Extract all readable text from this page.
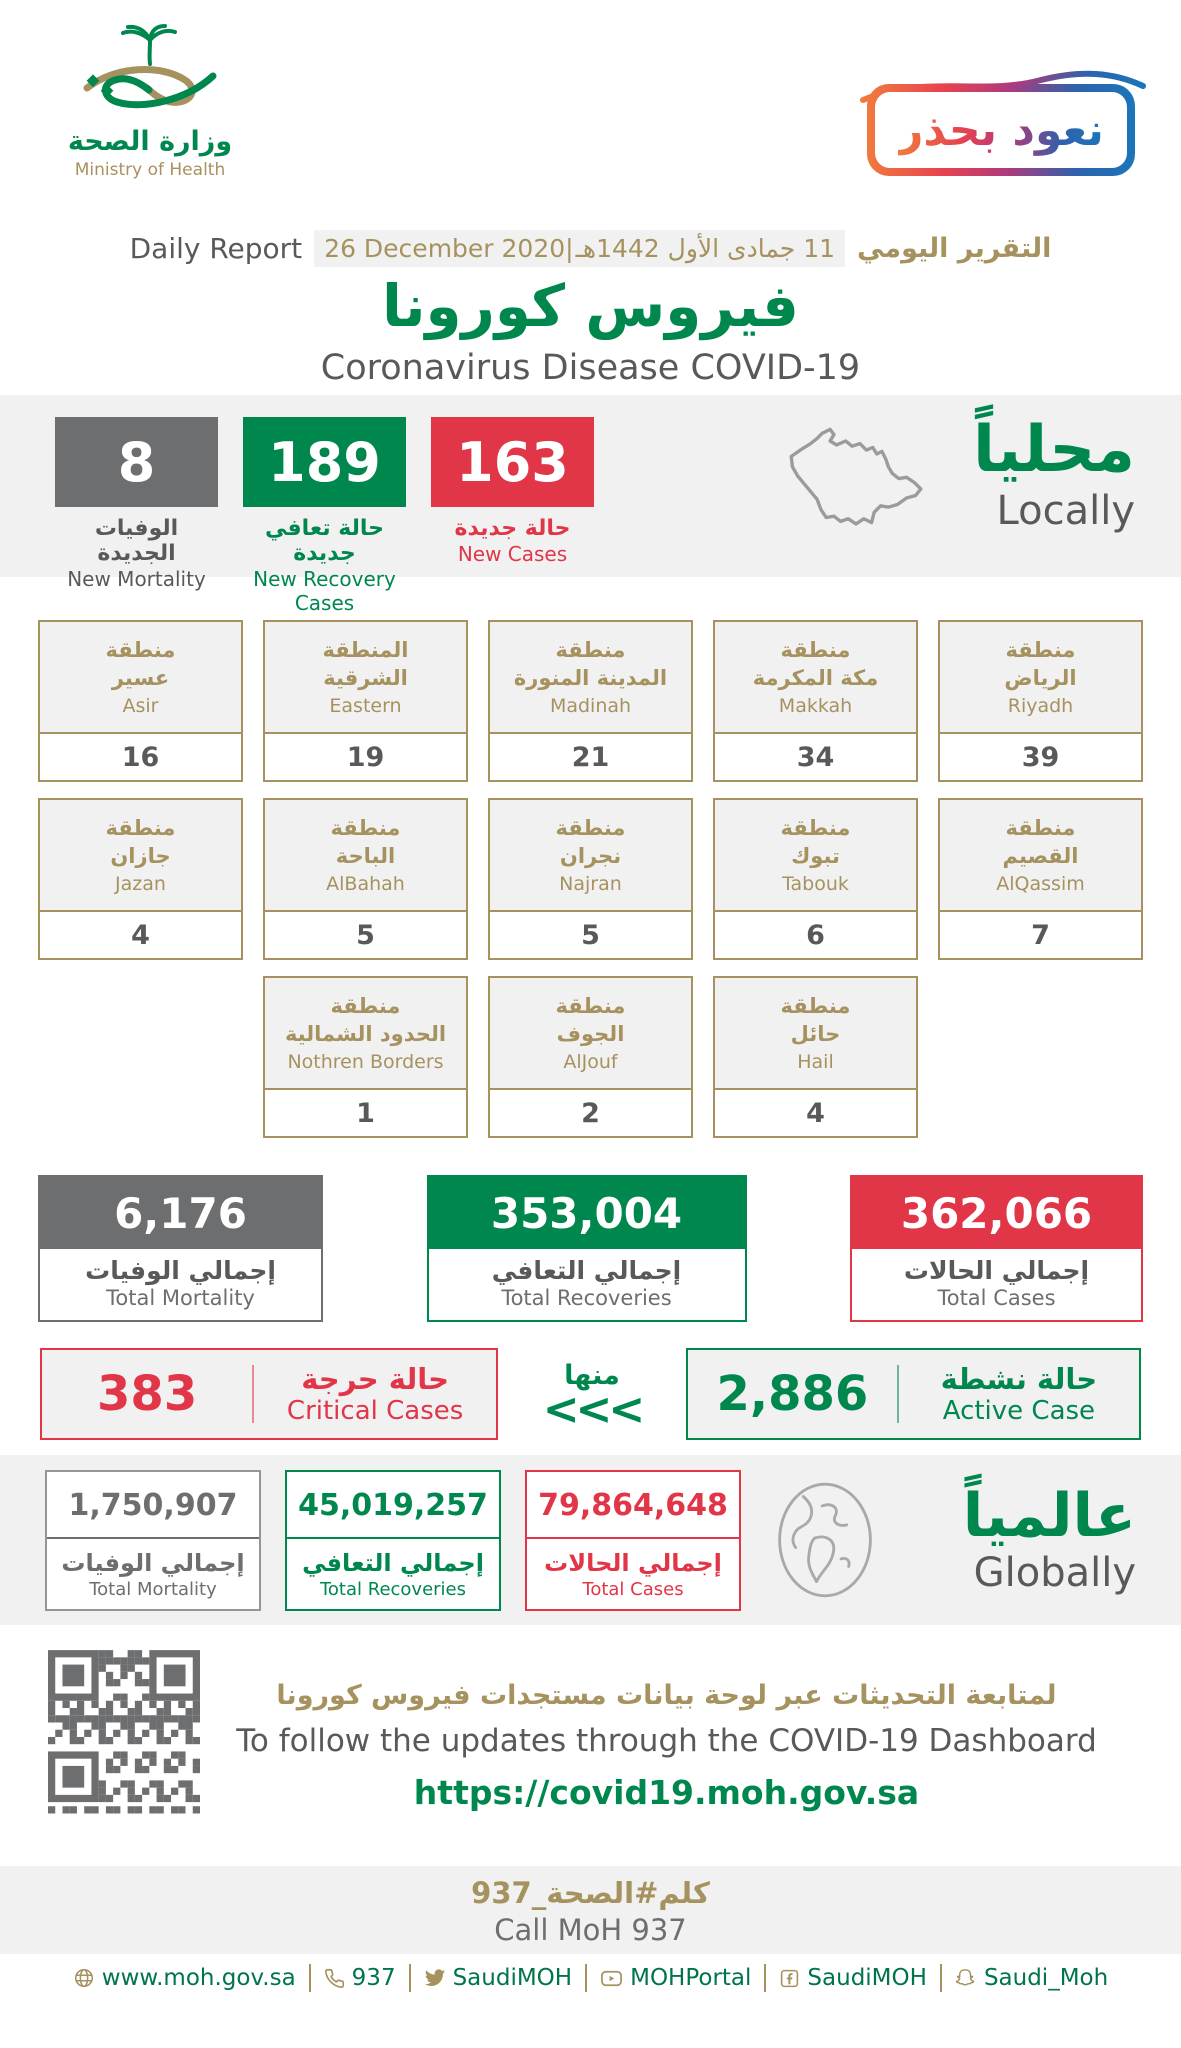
وزارة الصحة
Ministry of Health
نعود بحذر
Daily Report 26 December 2020| 11 جمادى الأول 1442هـ التقرير اليومي
فيروس كورونا
Coronavirus Disease COVID-19
8
الوفيات الجديدة
New Mortality
189
حالة تعافي جديدة
New Recovery Cases
163
حالة جديدة
New Cases
محلياً
Locally
منطقة
عسير
Asir
16
المنطقة
الشرقية
Eastern
19
منطقة
المدينة المنورة
Madinah
21
منطقة
مكة المكرمة
Makkah
34
منطقة
الرياض
Riyadh
39
منطقة
جازان
Jazan
4
منطقة
الباحة
AlBahah
5
منطقة
نجران
Najran
5
منطقة
تبوك
Tabouk
6
منطقة
القصيم
AlQassim
7
منطقة
الحدود الشمالية
Nothren Borders
1
منطقة
الجوف
AlJouf
2
منطقة
حائل
Hail
4
6,176
إجمالي الوفيات
Total Mortality
353,004
إجمالي التعافي
Total Recoveries
362,066
إجمالي الحالات
Total Cases
383	حالة حرجة
Critical Cases
منها
<<<	2,886	حالة نشطة
Active Case
1,750,907
إجمالي الوفيات
Total Mortality
45,019,257
إجمالي التعافي
Total Recoveries
79,864,648
إجمالي الحالات
Total Cases
عالمياً
Globally
لمتابعة التحديثات عبر لوحة بيانات مستجدات فيروس كورونا
To follow the updates through the COVID-19 Dashboard
https://covid19.moh.gov.sa
كلم#الصحة_937
Call MoH 937
www.moh.gov.sa 937 SaudiMOH	MOHPortal SaudiMOH Saudi_Moh
